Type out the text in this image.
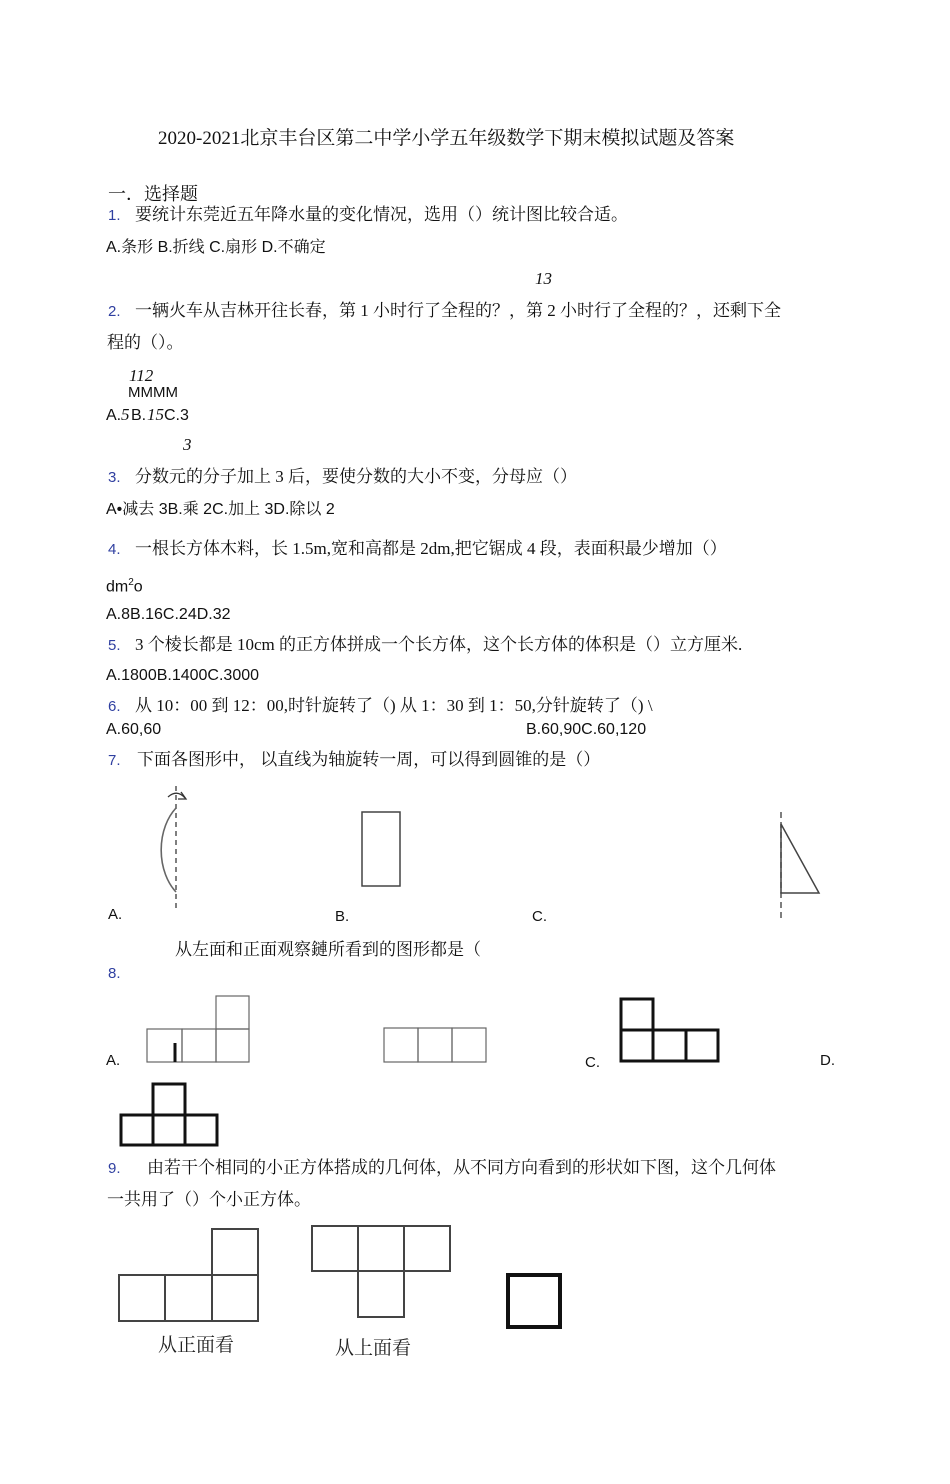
2020-2021北京丰台区第二中学小学五年级数学下期末模拟试题及答案
一．选择题
1. 要统计东莞近五年降水量的变化情况，选用（）统计图比较合适。
A.条形 B.折线 C.扇形 D.不确定
13
2. 一辆火车从吉林开往长春，第 1 小时行了全程的？，第 2 小时行了全程的？，还剩下全
程的（）。
112
MMMM
A. 5 B. 15 C.3
3
3. 分数元的分子加上 3 后，要使分数的大小不变，分母应（）
A•减去 3B.乘 2C.加上 3D.除以 2
4. 一根长方体木料，长 1.5m,宽和高都是 2dm,把它锯成 4 段，表面积最少增加（）
$dm^2o$
A.8B.16C.24D.32
5. 3 个棱长都是 10cm 的正方体拼成一个长方体，这个长方体的体积是（）立方厘米.
A.1800B.1400C.3000
6. 从 10：00 到 12：00,时针旋转了（) 从 1：30 到 1：50,分针旋转了（) \
A.60,60	B.60,90C.60,120
7. 下面各图形中， 以直线为轴旋转一周，可以得到圆锥的是（）
A.	B.	C.
从左面和正面观察鏈所看到的图形都是（
8.
A.	C.	D.
9. 由若干个相同的小正方体搭成的几何体，从不同方向看到的形状如下图，这个几何体
一共用了（）个小正方体。
从正面看	从上面看
